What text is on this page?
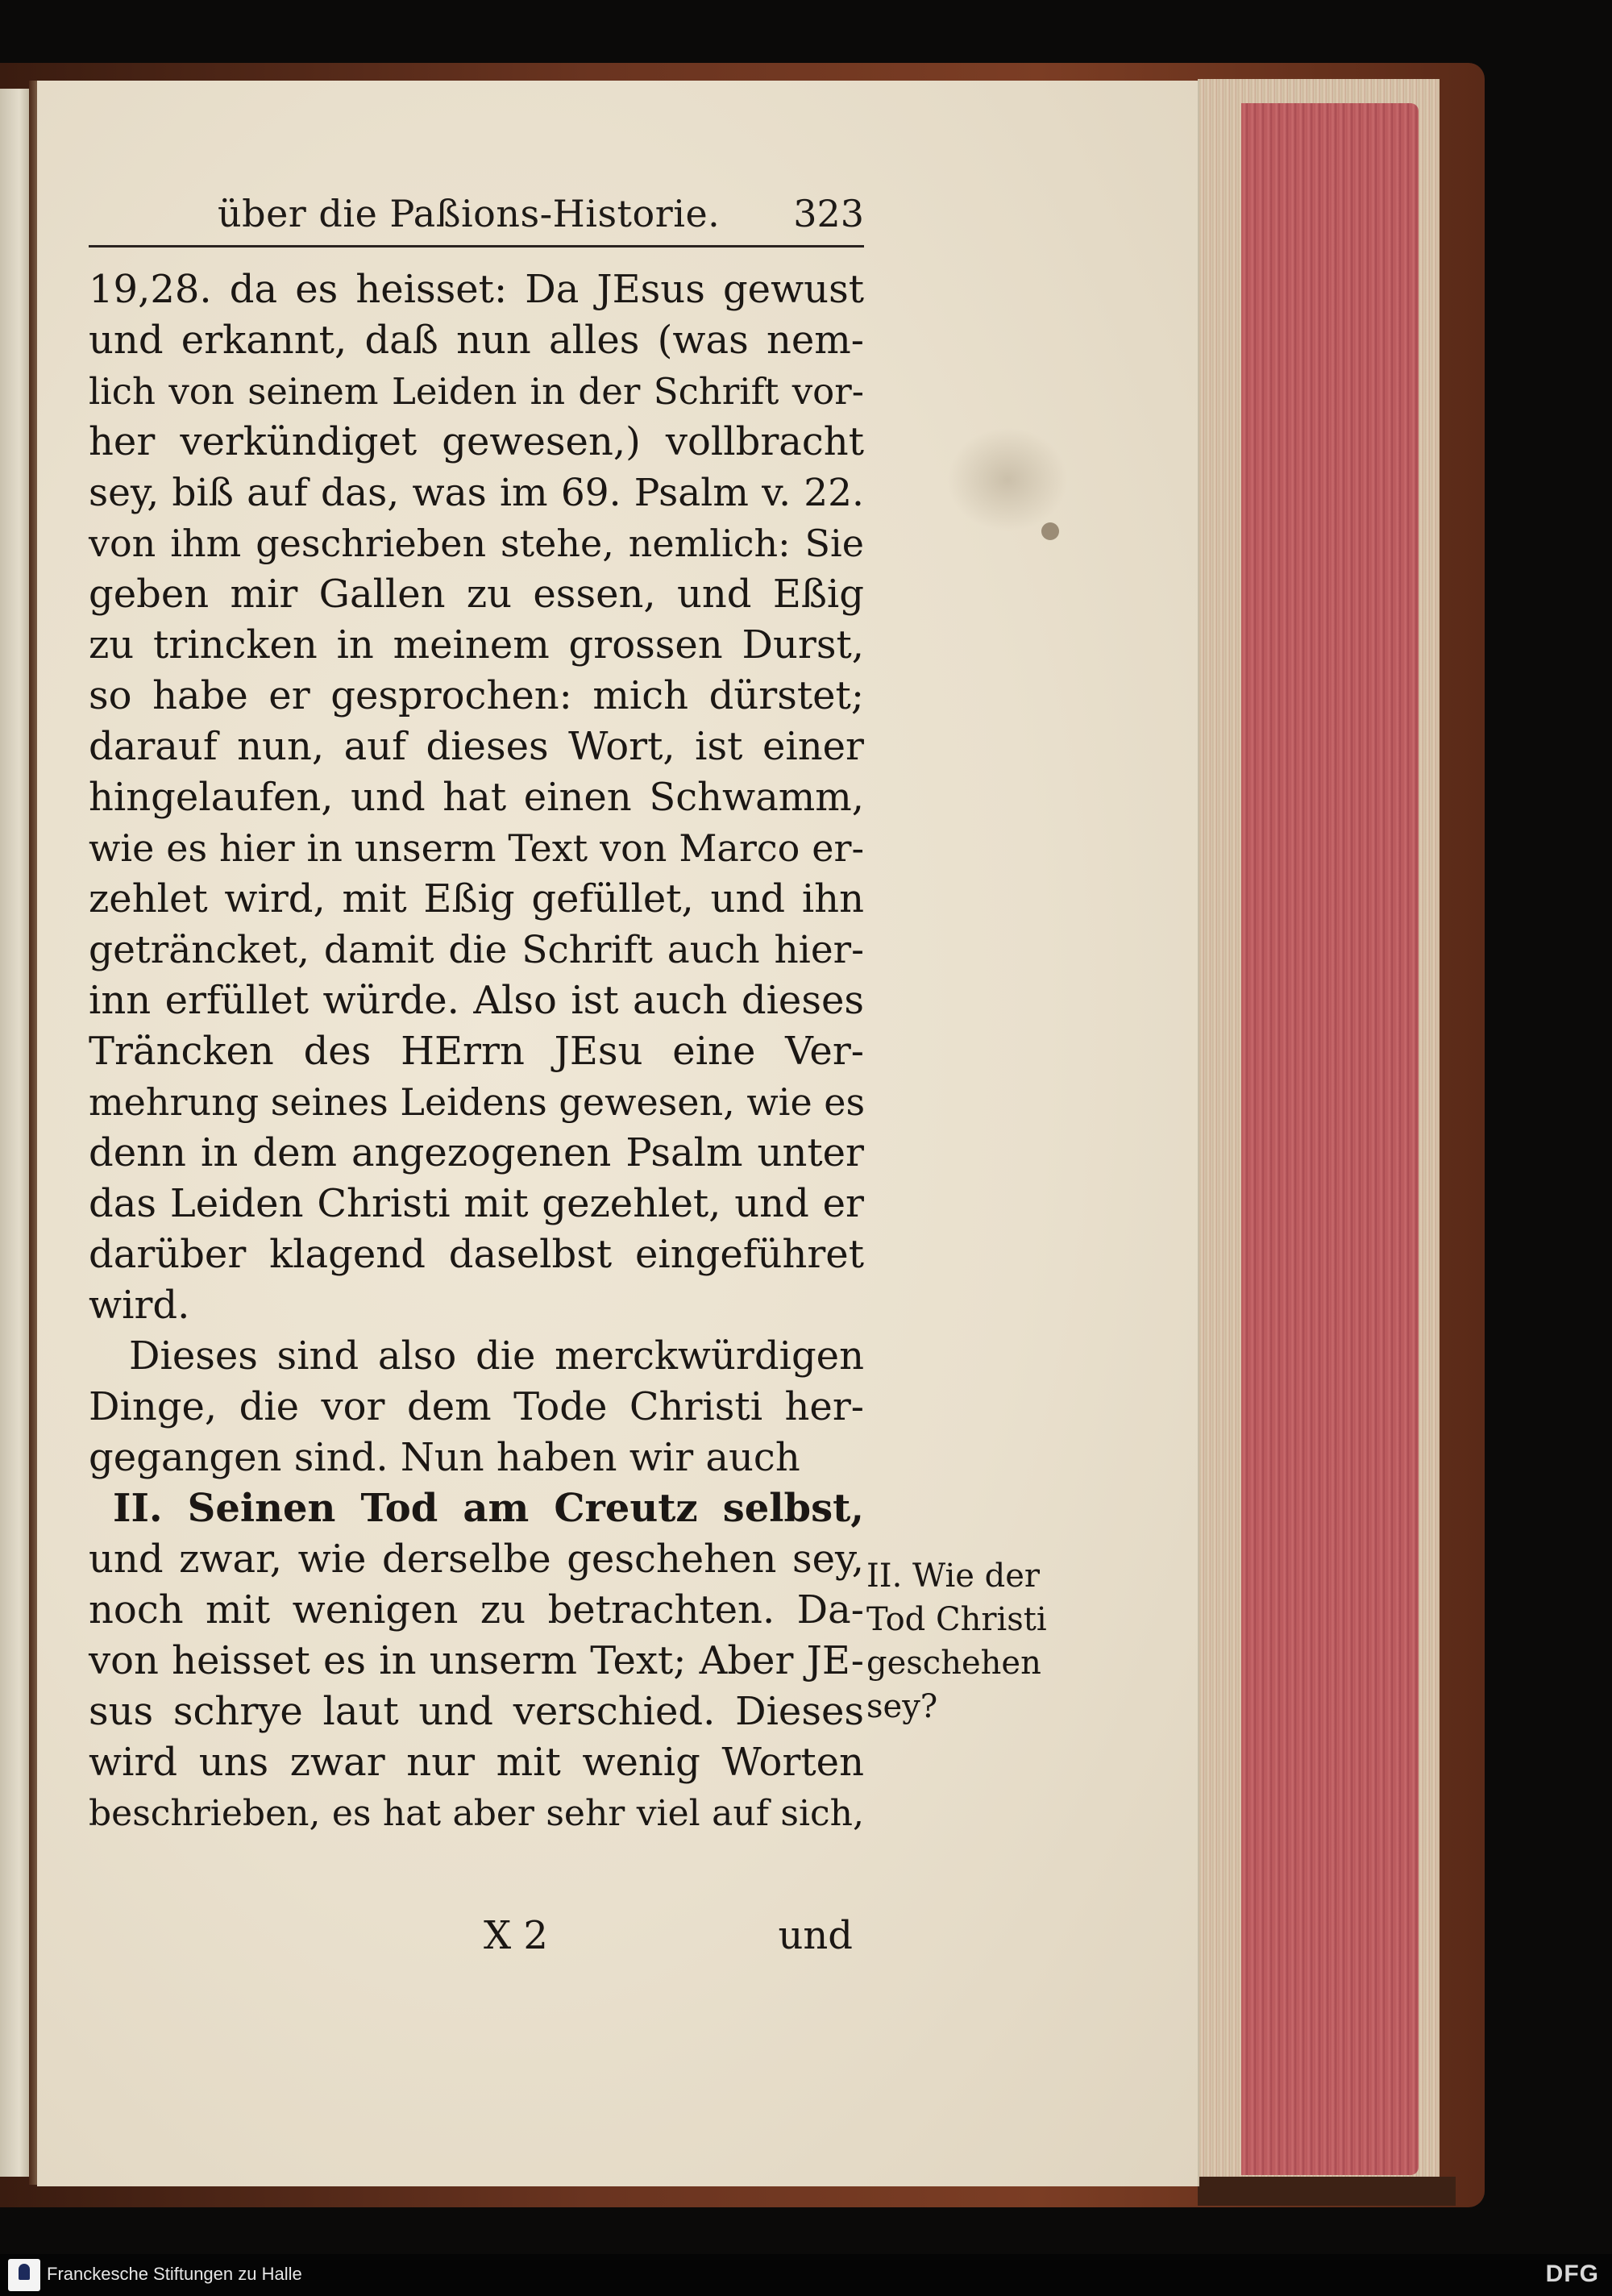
über die Paßions-Historie. 323
19,28. da es heisset: Da JEsus gewust
und erkannt, daß nun alles (was nem-
lich von seinem Leiden in der Schrift vor-
her verkündiget gewesen,) vollbracht
sey, biß auf das, was im 69. Psalm v. 22.
von ihm geschrieben stehe, nemlich: Sie
geben mir Gallen zu essen, und Eßig
zu trincken in meinem grossen Durst,
so habe er gesprochen: mich dürstet;
darauf nun, auf dieses Wort, ist einer
hingelaufen, und hat einen Schwamm,
wie es hier in unserm Text von Marco er-
zehlet wird, mit Eßig gefüllet, und ihn
geträncket, damit die Schrift auch hier-
inn erfüllet würde. Also ist auch dieses
Träncken des HErrn JEsu eine Ver-
mehrung seines Leidens gewesen, wie es
denn in dem angezogenen Psalm unter
das Leiden Christi mit gezehlet, und er
darüber klagend daselbst eingeführet
wird.
Dieses sind also die merckwürdigen
Dinge, die vor dem Tode Christi her-
gegangen sind. Nun haben wir auch
II. Seinen Tod am Creutz selbst,
und zwar, wie derselbe geschehen sey,
noch mit wenigen zu betrachten. Da-
von heisset es in unserm Text; Aber JE-
sus schrye laut und verschied. Dieses
wird uns zwar nur mit wenig Worten
beschrieben, es hat aber sehr viel auf sich,
X 2	und
II. Wie der
Tod Christi
geschehen
sey?
Franckesche Stiftungen zu Halle	DFG
